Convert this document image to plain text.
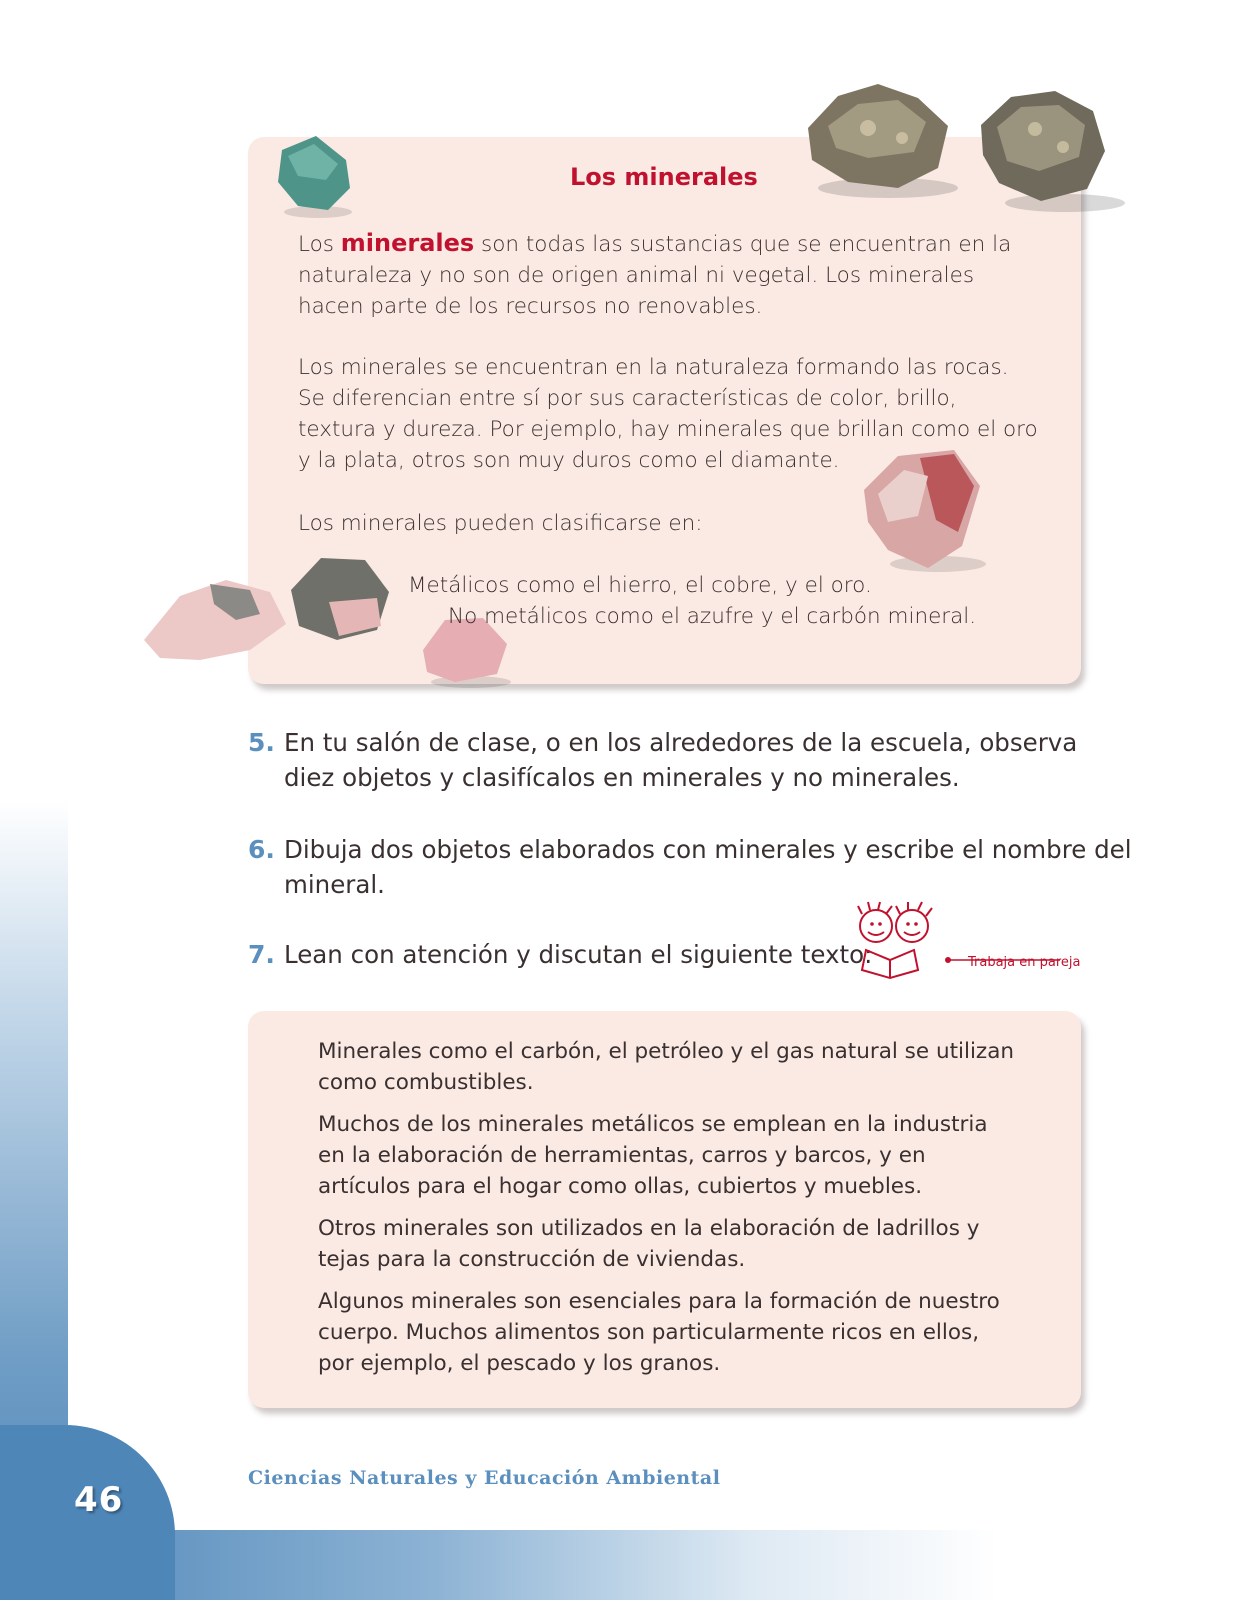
Los minerales
Los minerales son todas las sustancias que se encuentran en la naturaleza y no son de origen animal ni vegetal. Los minerales hacen parte de los recursos no renovables.
Los minerales se encuentran en la naturaleza formando las rocas. Se diferencian entre sí por sus características de color, brillo, textura y dureza. Por ejemplo, hay minerales que brillan como el oro y la plata, otros son muy duros como el diamante.
Los minerales pueden clasificarse en:
Metálicos como el hierro, el cobre, y el oro.
No metálicos como el azufre y el carbón mineral.
5. En tu salón de clase, o en los alrededores de la escuela, observa
diez objetos y clasifícalos en minerales y no minerales.
6. Dibuja dos objetos elaborados con minerales y escribe el nombre del
mineral.
7. Lean con atención y discutan el siguiente texto:	Trabaja en pareja
Minerales como el carbón, el petróleo y el gas natural se utilizan como combustibles.
Muchos de los minerales metálicos se emplean en la industria en la elaboración de herramientas, carros y barcos, y en artículos para el hogar como ollas, cubiertos y muebles.
Otros minerales son utilizados en la elaboración de ladrillos y tejas para la construcción de viviendas.
Algunos minerales son esenciales para la formación de nuestro cuerpo. Muchos alimentos son particularmente ricos en ellos, por ejemplo, el pescado y los granos.
46
Ciencias Naturales y Educación Ambiental
